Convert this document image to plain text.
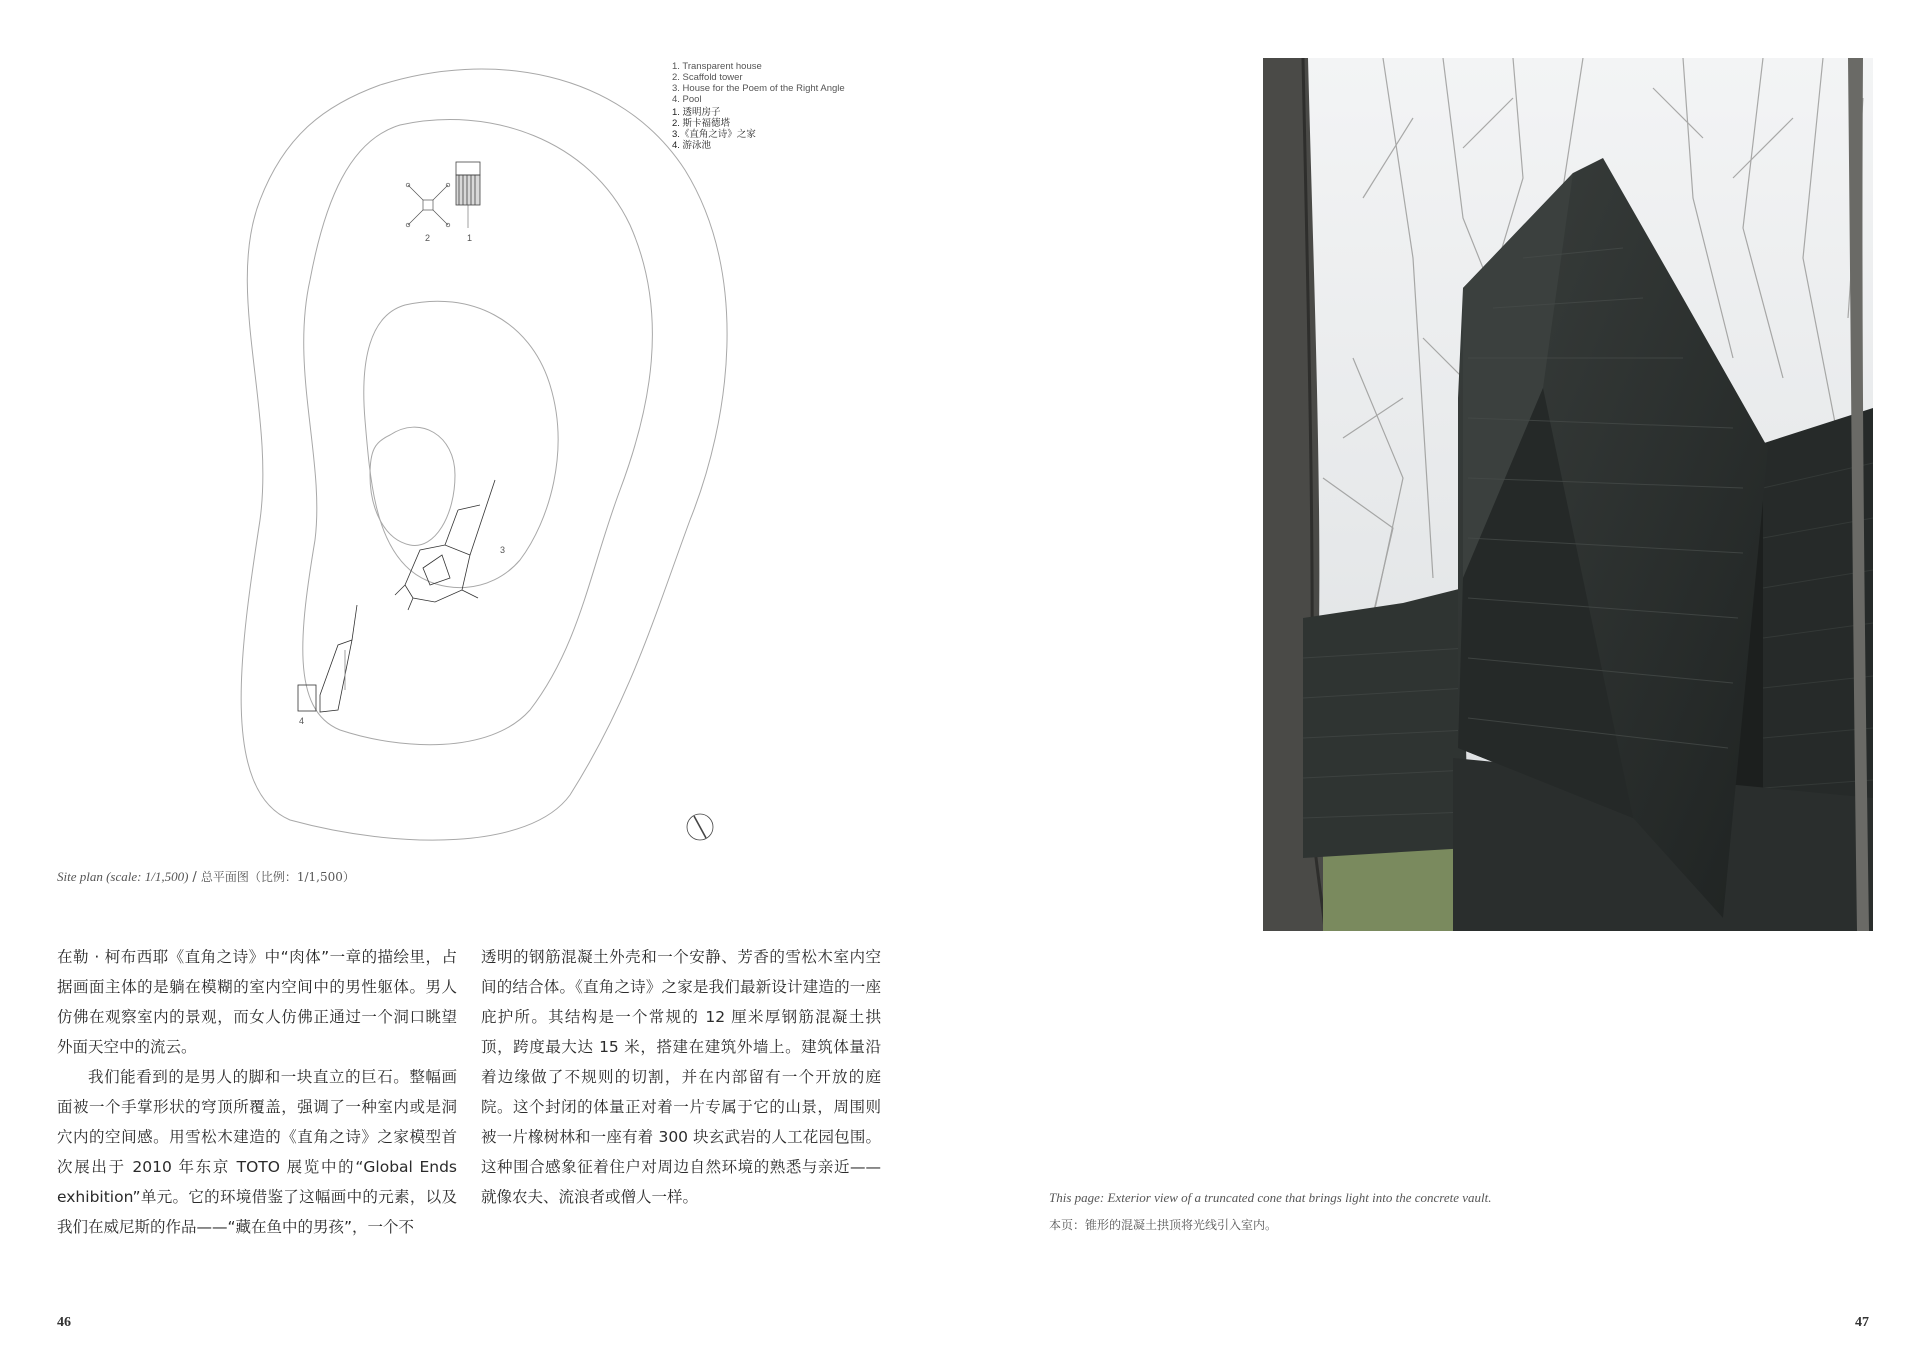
1. Transparent house
2. Scaffold tower
3. House for the Poem of the Right Angle
4. Pool
1. 透明房子
2. 斯卡福德塔
3.《直角之诗》之家
4. 游泳池
2	1
3
4
Site plan (scale: 1/1,500) / 总平面图（比例：1/1,500）

在勒 · 柯布西耶《直角之诗》中“肉体”一章的描绘里，占据画面主体的是躺在模糊的室内空间中的男性躯体。男人仿佛在观察室内的景观，而女人仿佛正通过一个洞口眺望外面天空中的流云。

我们能看到的是男人的脚和一块直立的巨石。整幅画面被一个手掌形状的穹顶所覆盖，强调了一种室内或是洞穴内的空间感。用雪松木建造的《直角之诗》之家模型首次展出于 2010 年东京 TOTO 展览中的“Global Ends exhibition”单元。它的环境借鉴了这幅画中的元素，以及我们在威尼斯的作品——“藏在鱼中的男孩”，一个不

透明的钢筋混凝土外壳和一个安静、芳香的雪松木室内空间的结合体。《直角之诗》之家是我们最新设计建造的一座庇护所。其结构是一个常规的 12 厘米厚钢筋混凝土拱顶，跨度最大达 15 米，搭建在建筑外墙上。建筑体量沿着边缘做了不规则的切割，并在内部留有一个开放的庭院。这个封闭的体量正对着一片专属于它的山景，周围则被一片橡树林和一座有着 300 块玄武岩的人工花园包围。这种围合感象征着住户对周边自然环境的熟悉与亲近——就像农夫、流浪者或僧人一样。	This page: Exterior view of a truncated cone that brings light into the concrete vault.
本页：锥形的混凝土拱顶将光线引入室内。
46	47
